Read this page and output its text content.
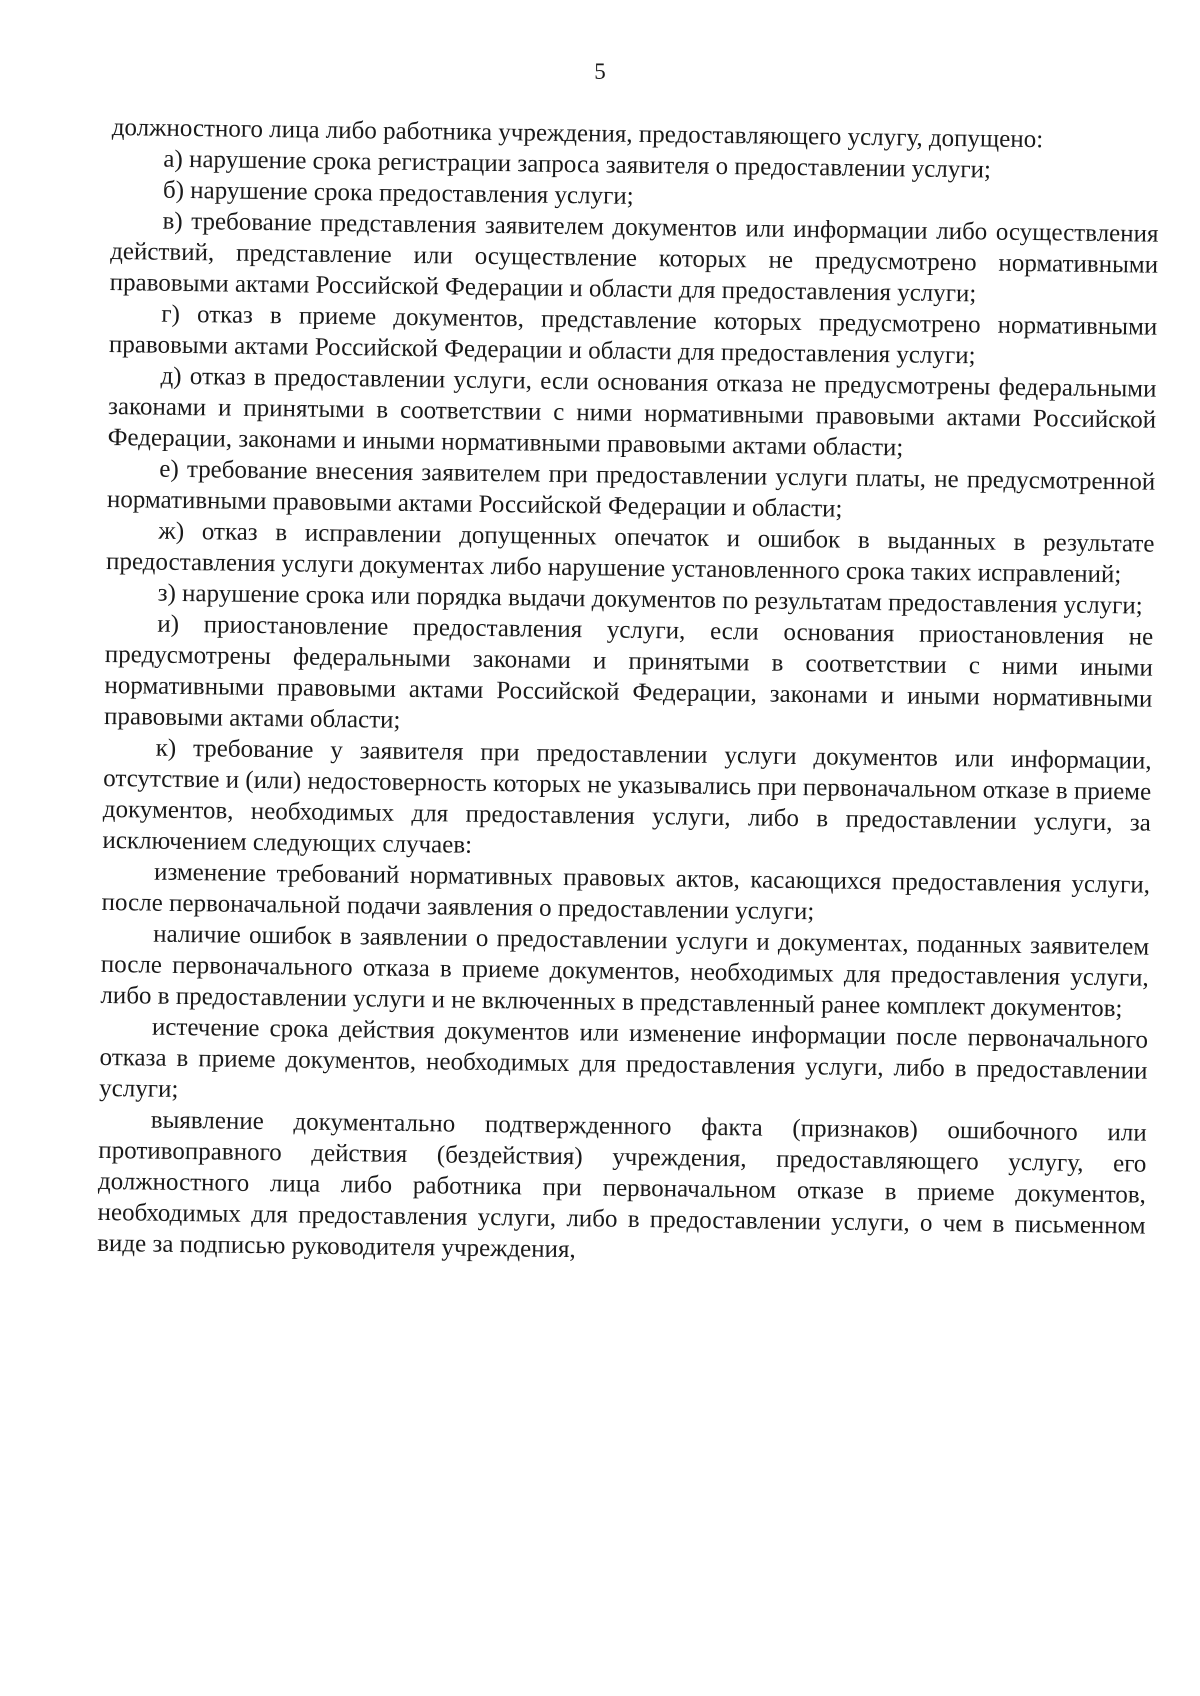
5

должностного лица либо работника учреждения, предоставляющего услугу, допущено:

а) нарушение срока регистрации запроса заявителя о предоставлении услуги;

б) нарушение срока предоставления услуги;

в) требование представления заявителем документов или информации либо осуществления действий, представление или осуществление которых не предусмотрено нормативными правовыми актами Российской Федерации и области для предоставления услуги;

г) отказ в приеме документов, представление которых предусмотрено нормативными правовыми актами Российской Федерации и области для предоставления услуги;

д) отказ в предоставлении услуги, если основания отказа не предусмотрены федеральными законами и принятыми в соответствии с ними нормативными правовыми актами Российской Федерации, законами и иными нормативными правовыми актами области;

е) требование внесения заявителем при предоставлении услуги платы, не предусмотренной нормативными правовыми актами Российской Федерации и области;

ж) отказ в исправлении допущенных опечаток и ошибок в выданных в результате предоставления услуги документах либо нарушение установленного срока таких исправлений;

з) нарушение срока или порядка выдачи документов по результатам предоставления услуги;

и) приостановление предоставления услуги, если основания приостановления не предусмотрены федеральными законами и принятыми в соответствии с ними иными нормативными правовыми актами Российской Федерации, законами и иными нормативными правовыми актами области;

к) требование у заявителя при предоставлении услуги документов или информации, отсутствие и (или) недостоверность которых не указывались при первоначальном отказе в приеме документов, необходимых для предоставления услуги, либо в предоставлении услуги, за исключением следующих случаев:

изменение требований нормативных правовых актов, касающихся предоставления услуги, после первоначальной подачи заявления о предоставлении услуги;

наличие ошибок в заявлении о предоставлении услуги и документах, поданных заявителем после первоначального отказа в приеме документов, необходимых для предоставления услуги, либо в предоставлении услуги и не включенных в представленный ранее комплект документов;

истечение срока действия документов или изменение информации после первоначального отказа в приеме документов, необходимых для предоставления услуги, либо в предоставлении услуги;

выявление документально подтвержденного факта (признаков) ошибочного или противоправного действия (бездействия) учреждения, предоставляющего услугу, его должностного лица либо работника при первоначальном отказе в приеме документов, необходимых для предоставления услуги, либо в предоставлении услуги, о чем в письменном виде за подписью руководителя учреждения,
